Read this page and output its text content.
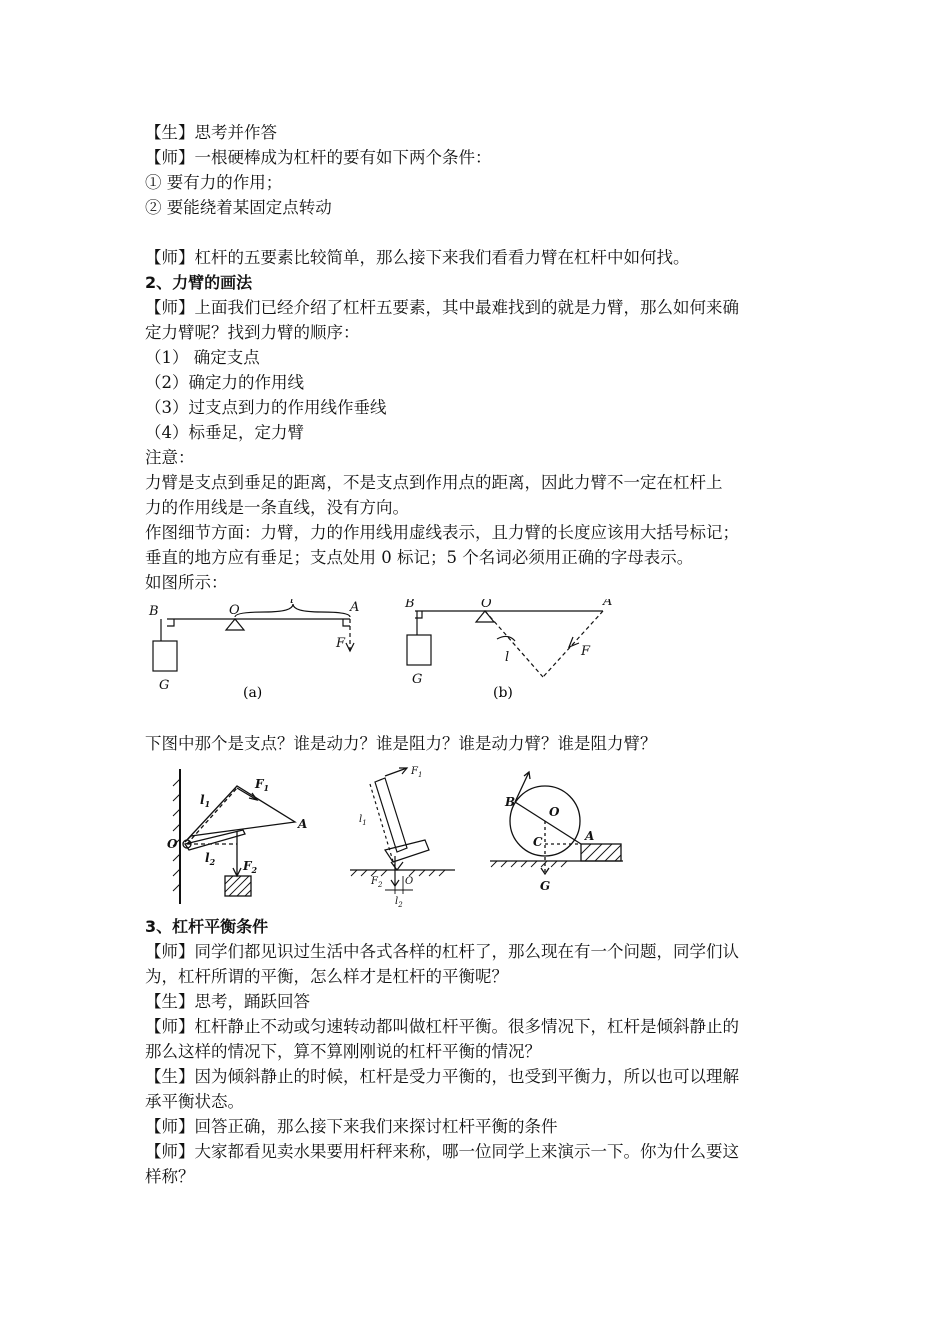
【生】思考并作答
【师】一根硬棒成为杠杆的要有如下两个条件：
① 要有力的作用；
② 要能绕着某固定点转动
【师】杠杆的五要素比较简单，那么接下来我们看看力臂在杠杆中如何找。
2、力臂的画法
【师】上面我们已经介绍了杠杆五要素，其中最难找到的就是力臂，那么如何来确
定力臂呢？找到力臂的顺序：
（1） 确定支点
（2）确定力的作用线
（3）过支点到力的作用线作垂线
（4）标垂足，定力臂
注意：
力臂是支点到垂足的距离，不是支点到作用点的距离，因此力臂不一定在杠杆上
力的作用线是一条直线，没有方向。
作图细节方面：力臂，力的作用线用虚线表示，且力臂的长度应该用大括号标记；
垂直的地方应有垂足；支点处用 0 标记；5 个名词必须用正确的字母表示。
如图所示：
B	O
l
A
F
G	(a)
B	O
l
A
F
G
(b)
下图中那个是支点？谁是动力？谁是阻力？谁是动力臂？谁是阻力臂？
$l_1$
$F_1$
A
O
$l_2$ $F_2$
$F_1$
$l_1$
$F_2$ O
$l_2$
B
O
C	A
G
3、杠杆平衡条件
【师】同学们都见识过生活中各式各样的杠杆了，那么现在有一个问题，同学们认
为，杠杆所谓的平衡，怎么样才是杠杆的平衡呢？
【生】思考，踊跃回答
【师】杠杆静止不动或匀速转动都叫做杠杆平衡。很多情况下，杠杆是倾斜静止的
那么这样的情况下，算不算刚刚说的杠杆平衡的情况？
【生】因为倾斜静止的时候，杠杆是受力平衡的，也受到平衡力，所以也可以理解
承平衡状态。
【师】回答正确，那么接下来我们来探讨杠杆平衡的条件
【师】大家都看见卖水果要用杆秤来称，哪一位同学上来演示一下。你为什么要这
样称？
